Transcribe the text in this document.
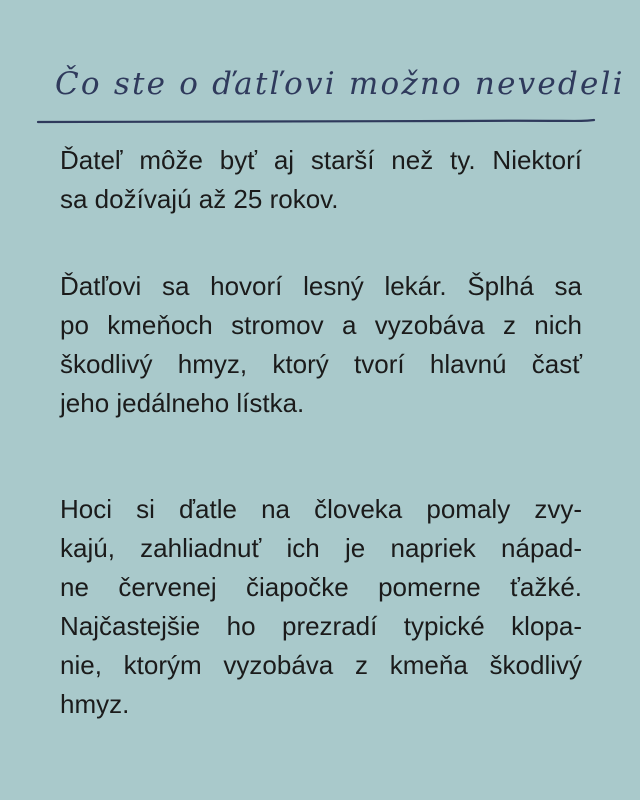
Čo ste o ďatľovi možno nevedeli
Ďateľ môže byť aj starší než ty. Niektorí
sa dožívajú až 25 rokov.
Ďatľovi sa hovorí lesný lekár. Šplhá sa
po kmeňoch stromov a vyzobáva z nich
škodlivý hmyz, ktorý tvorí hlavnú časť
jeho jedálneho lístka.
Hoci si ďatle na človeka pomaly zvy-
kajú, zahliadnuť ich je napriek nápad-
ne červenej čiapočke pomerne ťažké.
Najčastejšie ho prezradí typické klopa-
nie, ktorým vyzobáva z kmeňa škodlivý
hmyz.
